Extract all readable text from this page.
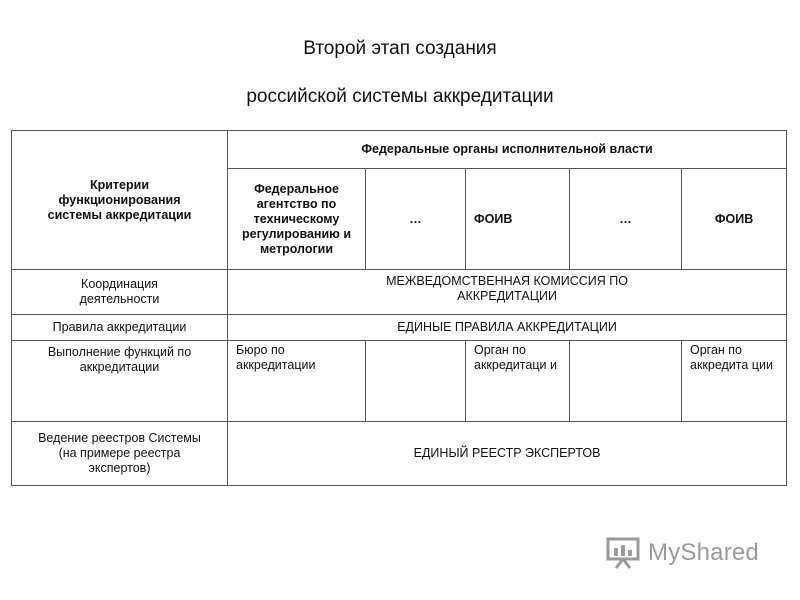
Второй этап создания
российской системы аккредитации
Критерии функционирования системы аккредитации	Федеральные органы исполнительной власти				
	Федеральное агентство по техническому регулированию и метрологии	…	ФОИВ	…	ФОИВ
Координация деятельности	МЕЖВЕДОМСТВЕННАЯ КОМИССИЯ ПО АККРЕДИТАЦИИ				
Правила аккредитации	ЕДИНЫЕ ПРАВИЛА АККРЕДИТАЦИИ				
Выполнение функций по аккредитации	Бюро по аккредитации		Орган по аккредитаци и		Орган по аккредита ции
Ведение реестров Системы (на примере реестра экспертов)	ЕДИНЫЙ РЕЕСТР ЭКСПЕРТОВ				
MyShared
